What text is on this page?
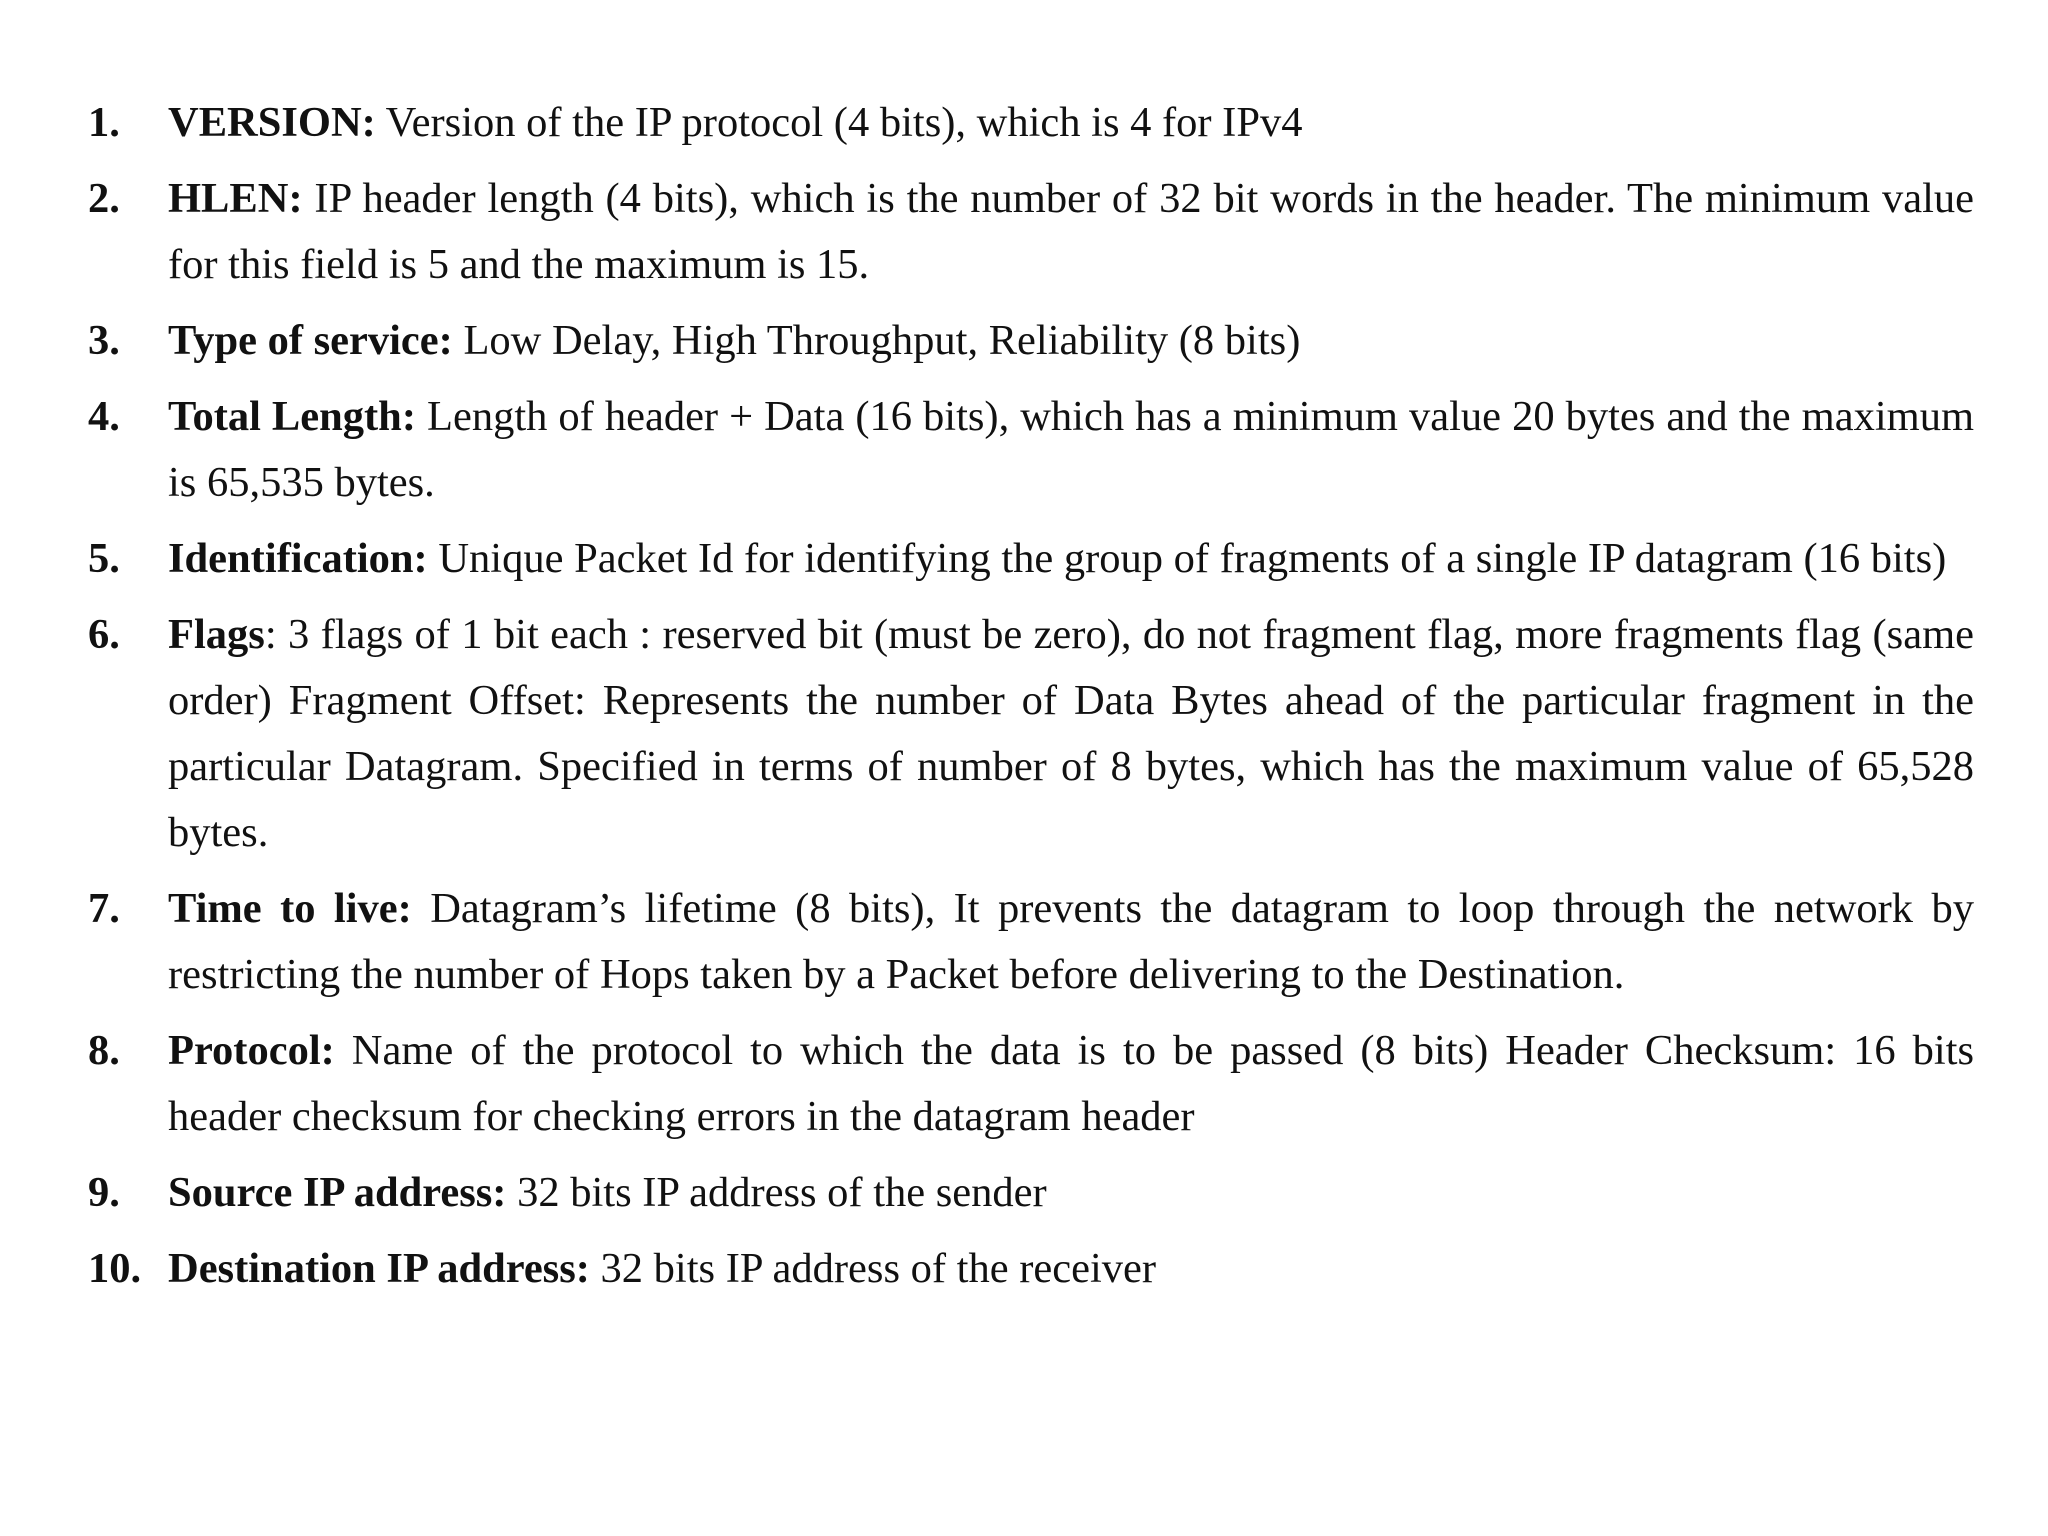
1. VERSION: Version of the IP protocol (4 bits), which is 4 for IPv4
2. HLEN: IP header length (4 bits), which is the number of 32 bit words in the header. The minimum value for this field is 5 and the maximum is 15.
3. Type of service: Low Delay, High Throughput, Reliability (8 bits)
4. Total Length: Length of header + Data (16 bits), which has a minimum value 20 bytes and the maximum is 65,535 bytes.
5. Identification: Unique Packet Id for identifying the group of fragments of a single IP datagram (16 bits)
6. Flags: 3 flags of 1 bit each : reserved bit (must be zero), do not fragment flag, more fragments flag (same order) Fragment Offset: Represents the number of Data Bytes ahead of the particular fragment in the particular Datagram. Specified in terms of number of 8 bytes, which has the maximum value of 65,528 bytes.
7. Time to live: Datagram’s lifetime (8 bits), It prevents the datagram to loop through the network by restricting the number of Hops taken by a Packet before delivering to the Destination.
8. Protocol: Name of the protocol to which the data is to be passed (8 bits) Header Checksum: 16 bits header checksum for checking errors in the datagram header
9. Source IP address: 32 bits IP address of the sender
10. Destination IP address: 32 bits IP address of the receiver
